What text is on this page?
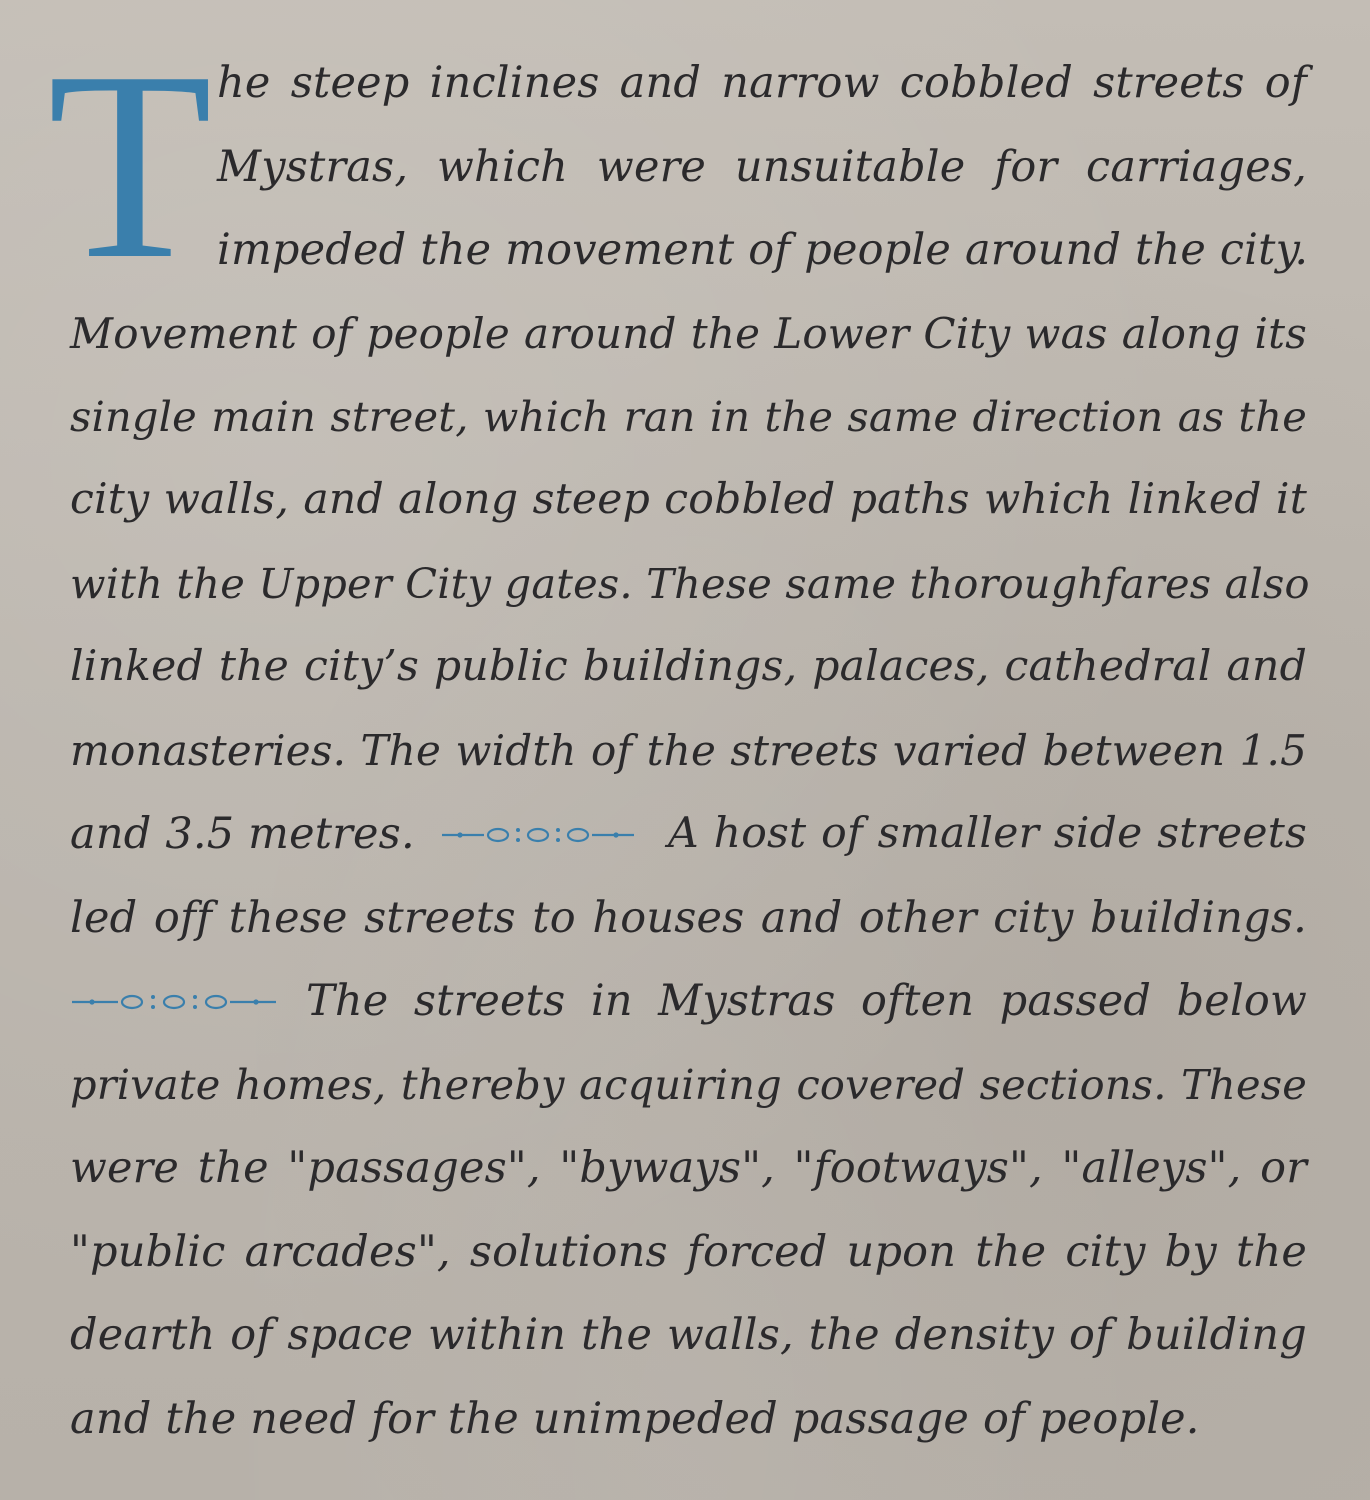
T he steep inclines and narrow cobbled streets of
Mystras, which were unsuitable for carriages,
impeded the movement of people around the city.
Movement of people around the Lower City was along its
single main street, which ran in the same direction as the
city walls, and along steep cobbled paths which linked it
with the Upper City gates. These same thoroughfares also
linked the city’s public buildings, palaces, cathedral and
monasteries. The width of the streets varied between 1.5
and 3.5 metres.	A host of smaller side streets
led off these streets to houses and other city buildings.
The streets in Mystras often passed below
private homes, thereby acquiring covered sections. These
were the "passages", "byways", "footways", "alleys", or
"public arcades", solutions forced upon the city by the
dearth of space within the walls, the density of building
and the need for the unimpeded passage of people.
